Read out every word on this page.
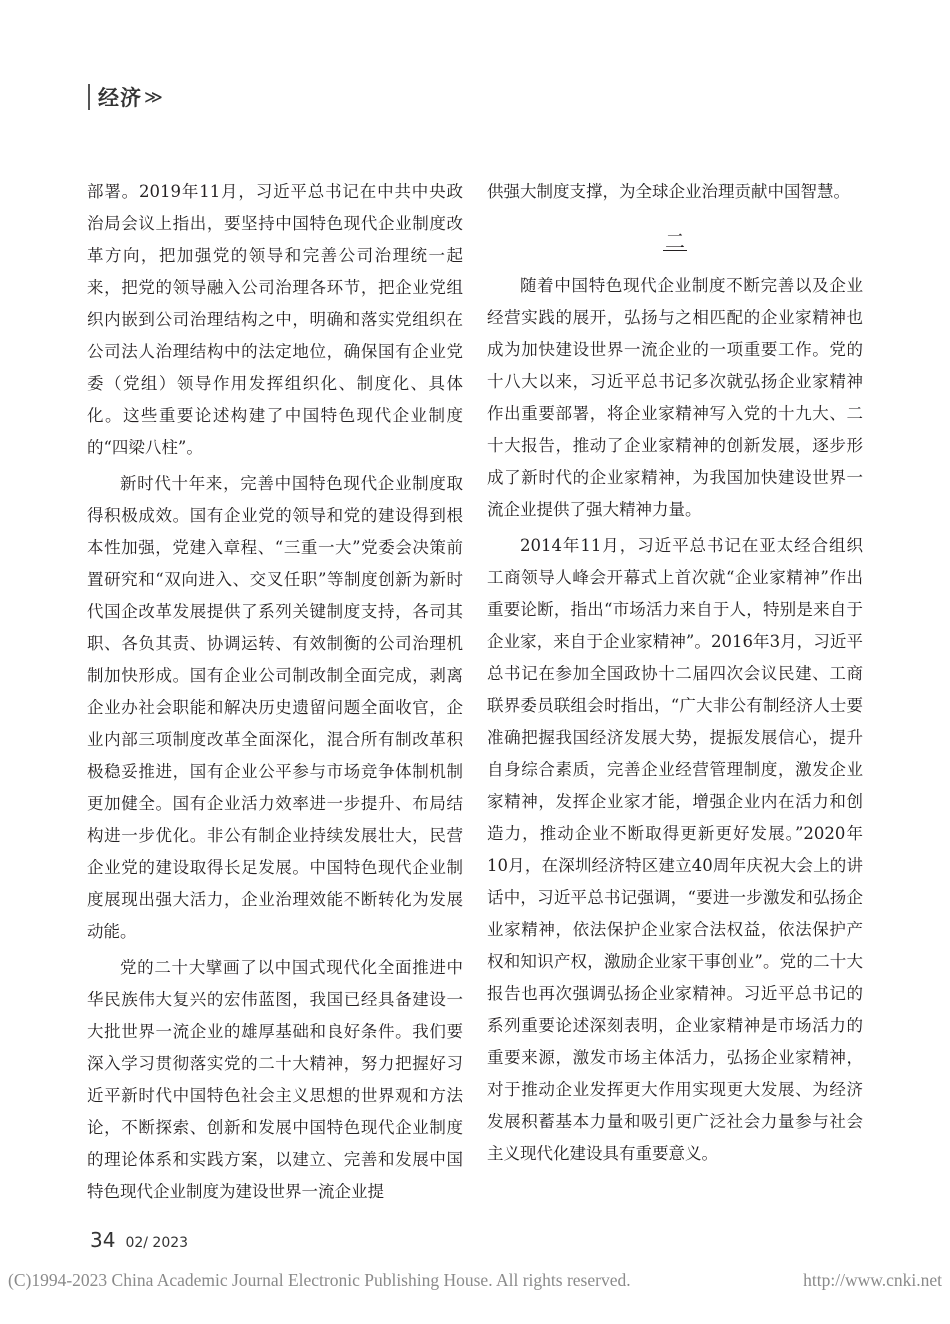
经济 ≫

部署。2019年11月，习近平总书记在中共中央政治局会议上指出，要坚持中国特色现代企业制度改革方向，把加强党的领导和完善公司治理统一起来，把党的领导融入公司治理各环节，把企业党组织内嵌到公司治理结构之中，明确和落实党组织在公司法人治理结构中的法定地位，确保国有企业党委（党组）领导作用发挥组织化、制度化、具体化。这些重要论述构建了中国特色现代企业制度的“四梁八柱”。

新时代十年来，完善中国特色现代企业制度取得积极成效。国有企业党的领导和党的建设得到根本性加强，党建入章程、“三重一大”党委会决策前置研究和“双向进入、交叉任职”等制度创新为新时代国企改革发展提供了系列关键制度支持，各司其职、各负其责、协调运转、有效制衡的公司治理机制加快形成。国有企业公司制改制全面完成，剥离企业办社会职能和解决历史遗留问题全面收官，企业内部三项制度改革全面深化，混合所有制改革积极稳妥推进，国有企业公平参与市场竞争体制机制更加健全。国有企业活力效率进一步提升、布局结构进一步优化。非公有制企业持续发展壮大，民营企业党的建设取得长足发展。中国特色现代企业制度展现出强大活力，企业治理效能不断转化为发展动能。

党的二十大擘画了以中国式现代化全面推进中华民族伟大复兴的宏伟蓝图，我国已经具备建设一大批世界一流企业的雄厚基础和良好条件。我们要深入学习贯彻落实党的二十大精神，努力把握好习近平新时代中国特色社会主义思想的世界观和方法论，不断探索、创新和发展中国特色现代企业制度的理论体系和实践方案，以建立、完善和发展中国特色现代企业制度为建设世界一流企业提

供强大制度支撑，为全球企业治理贡献中国智慧。

二

随着中国特色现代企业制度不断完善以及企业经营实践的展开，弘扬与之相匹配的企业家精神也成为加快建设世界一流企业的一项重要工作。党的十八大以来，习近平总书记多次就弘扬企业家精神作出重要部署，将企业家精神写入党的十九大、二十大报告，推动了企业家精神的创新发展，逐步形成了新时代的企业家精神，为我国加快建设世界一流企业提供了强大精神力量。

2014年11月，习近平总书记在亚太经合组织工商领导人峰会开幕式上首次就“企业家精神”作出重要论断，指出“市场活力来自于人，特别是来自于企业家，来自于企业家精神”。2016年3月，习近平总书记在参加全国政协十二届四次会议民建、工商联界委员联组会时指出，“广大非公有制经济人士要准确把握我国经济发展大势，提振发展信心，提升自身综合素质，完善企业经营管理制度，激发企业家精神，发挥企业家才能，增强企业内在活力和创造力，推动企业不断取得更新更好发展。”2020年10月，在深圳经济特区建立40周年庆祝大会上的讲话中，习近平总书记强调，“要进一步激发和弘扬企业家精神，依法保护企业家合法权益，依法保护产权和知识产权，激励企业家干事创业”。党的二十大报告也再次强调弘扬企业家精神。习近平总书记的系列重要论述深刻表明，企业家精神是市场活力的重要来源，激发市场主体活力，弘扬企业家精神，对于推动企业发挥更大作用实现更大发展、为经济发展积蓄基本力量和吸引更广泛社会力量参与社会主义现代化建设具有重要意义。

34 02/ 2023
(C)1994-2023 China Academic Journal Electronic Publishing House. All rights reserved.	http://www.cnki.net
